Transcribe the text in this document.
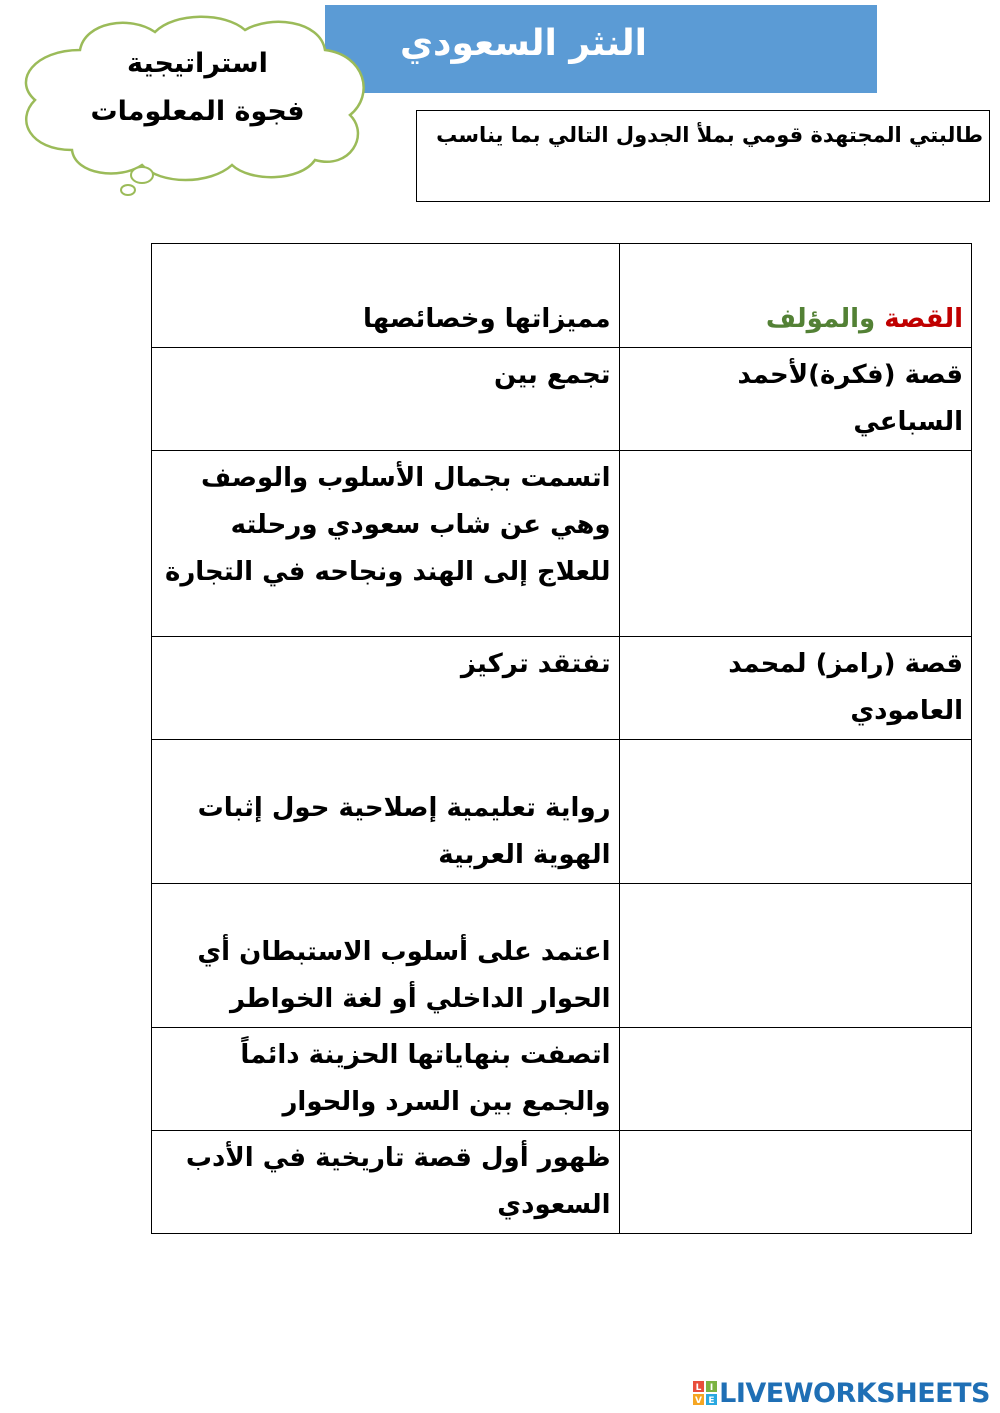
النثر السعودي
استراتيجية
فجوة المعلومات
طالبتي المجتهدة قومي بملأ الجدول التالي بما يناسب
القصة والمؤلف	مميزاتها وخصائصها
قصة (فكرة)لأحمد السباعي	تجمع بين
	اتسمت بجمال الأسلوب والوصف وهي عن شاب سعودي ورحلته للعلاج إلى الهند ونجاحه في التجارة
قصة (رامز) لمحمد العامودي	تفتقد تركيز
	رواية تعليمية إصلاحية حول إثبات الهوية العربية
	اعتمد على أسلوب الاستبطان أي الحوار الداخلي أو لغة الخواطر
	اتصفت بنهاياتها الحزينة دائماً والجمع بين السرد والحوار
	ظهور أول قصة تاريخية في الأدب السعودي
L I
V E LIVEWORKSHEETS
